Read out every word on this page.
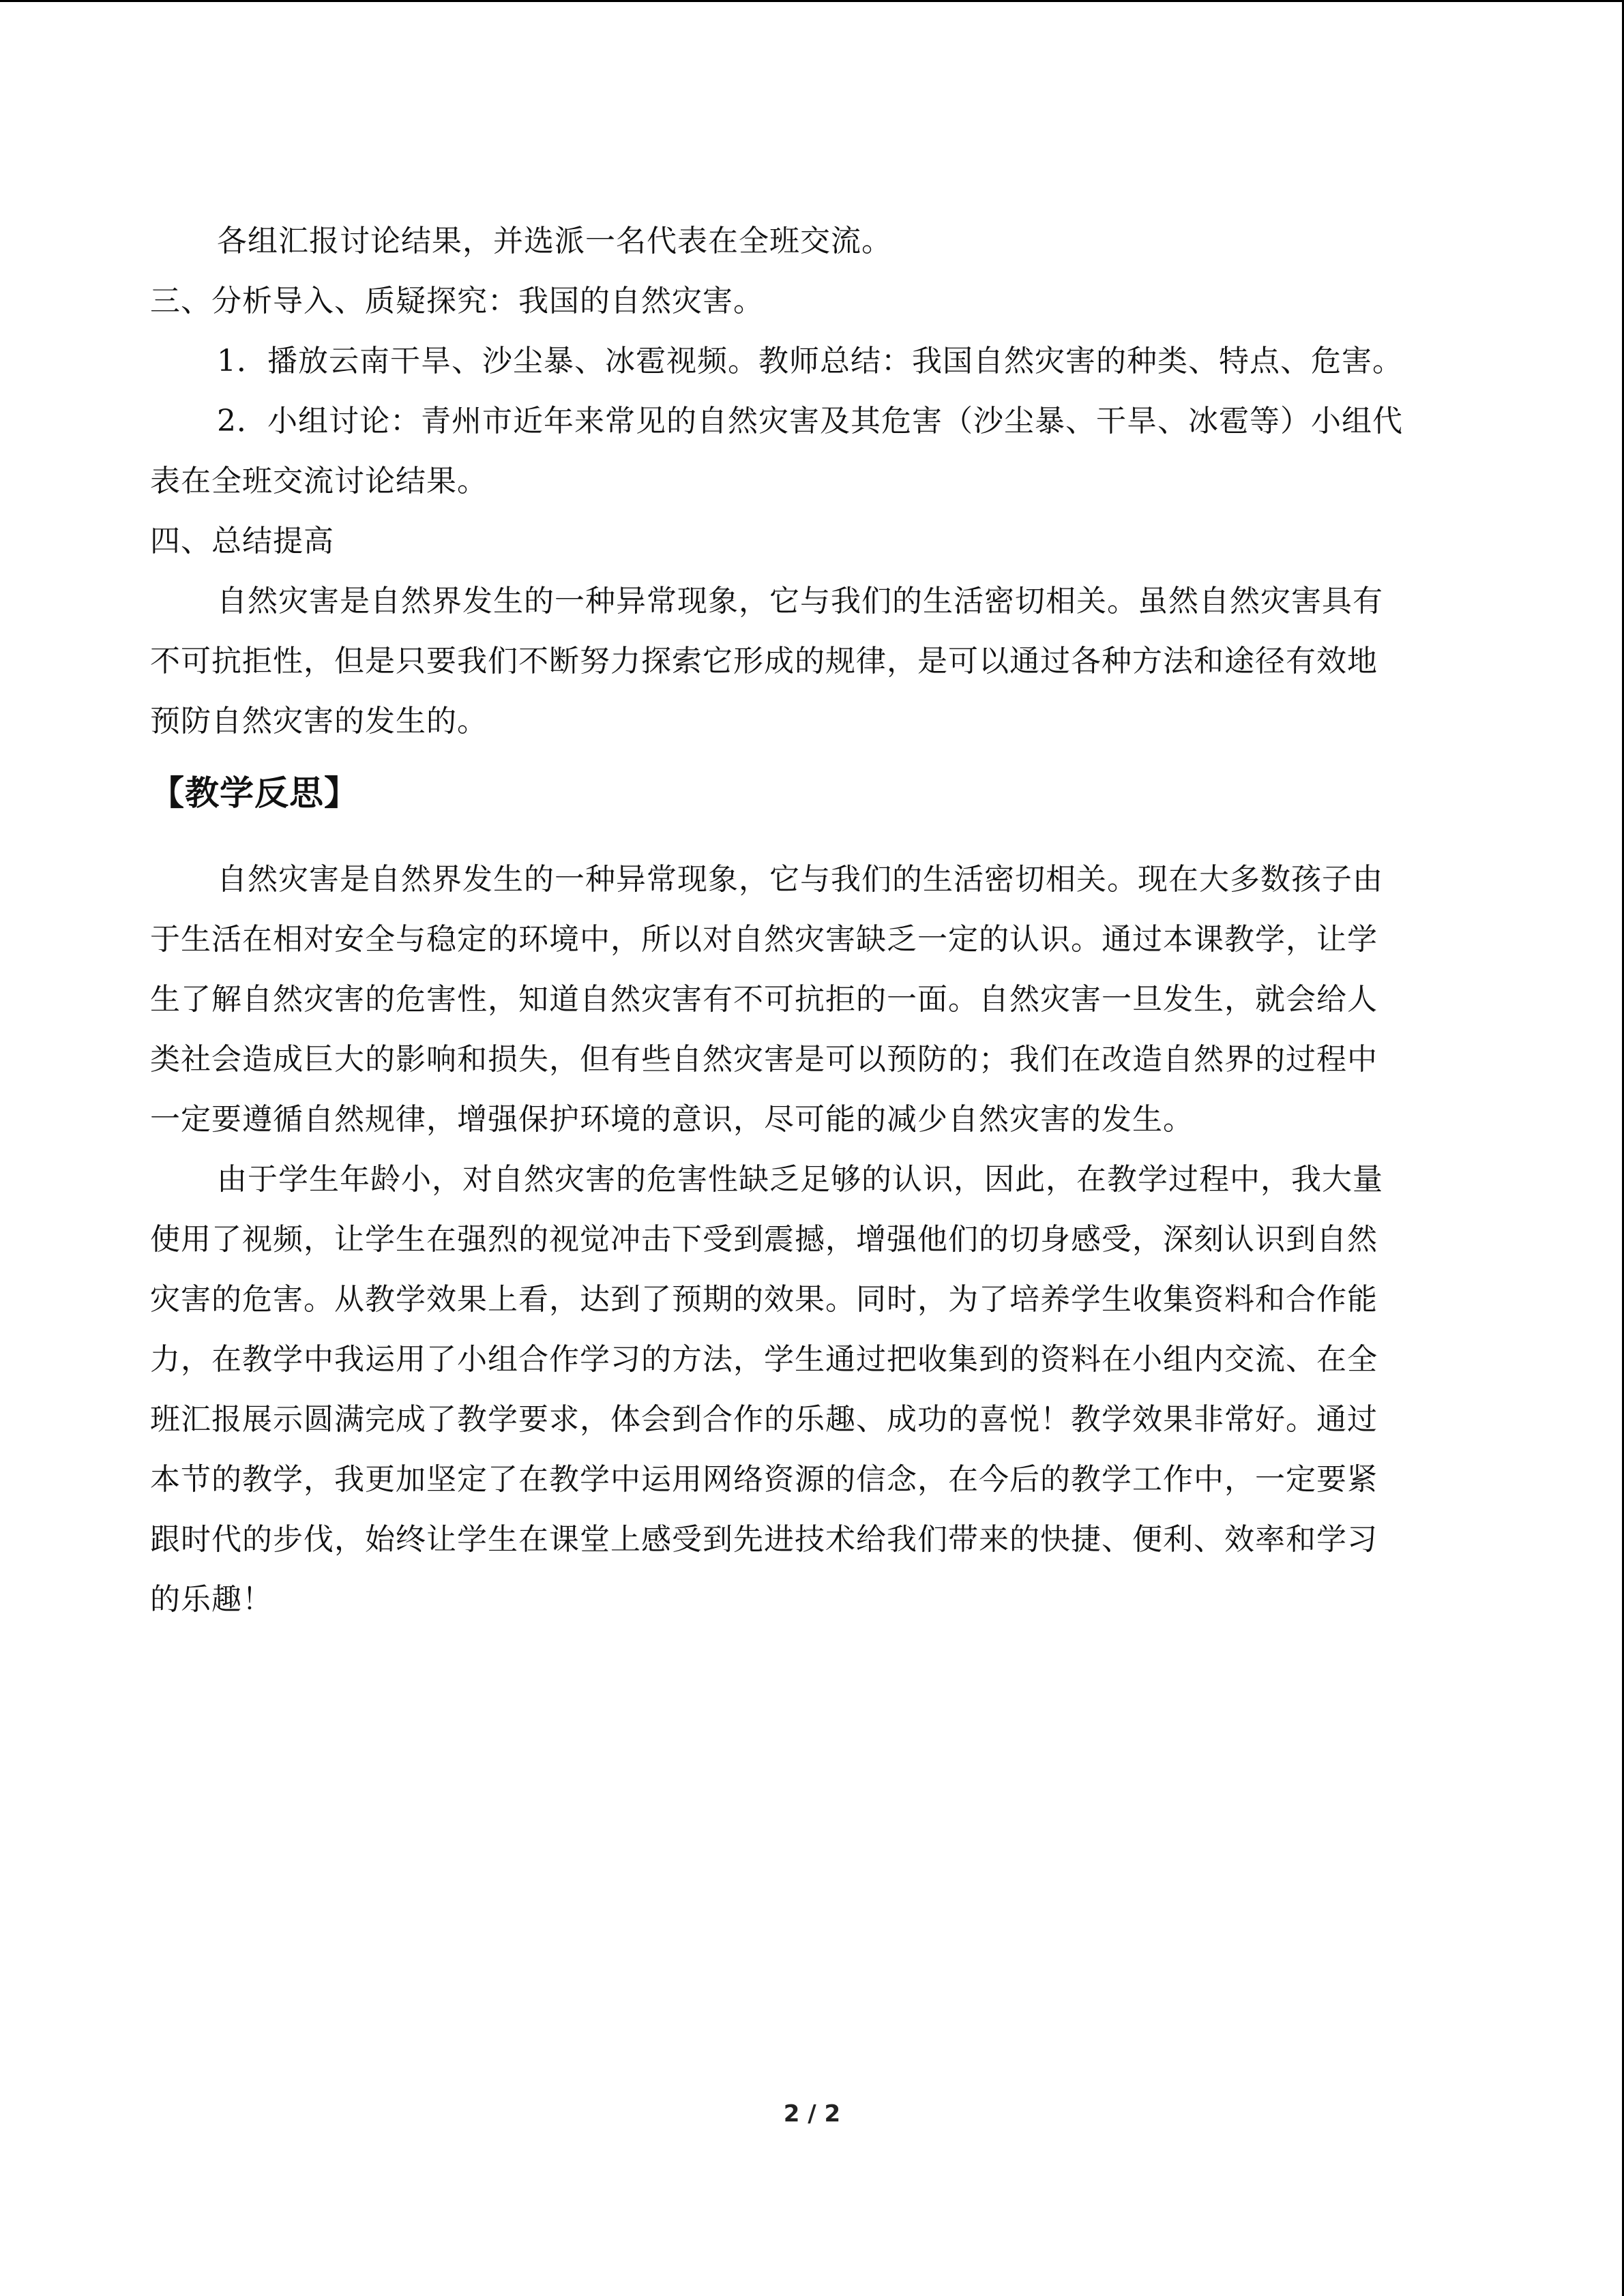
各组汇报讨论结果，并选派一名代表在全班交流。
三、分析导入、质疑探究：我国的自然灾害。
1．播放云南干旱、沙尘暴、冰雹视频。教师总结：我国自然灾害的种类、特点、危害。
2．小组讨论：青州市近年来常见的自然灾害及其危害（沙尘暴、干旱、冰雹等）小组代
表在全班交流讨论结果。
四、总结提高
自然灾害是自然界发生的一种异常现象，它与我们的生活密切相关。虽然自然灾害具有
不可抗拒性，但是只要我们不断努力探索它形成的规律，是可以通过各种方法和途径有效地
预防自然灾害的发生的。
【教学反思】
自然灾害是自然界发生的一种异常现象，它与我们的生活密切相关。现在大多数孩子由
于生活在相对安全与稳定的环境中，所以对自然灾害缺乏一定的认识。通过本课教学，让学
生了解自然灾害的危害性，知道自然灾害有不可抗拒的一面。自然灾害一旦发生，就会给人
类社会造成巨大的影响和损失，但有些自然灾害是可以预防的；我们在改造自然界的过程中
一定要遵循自然规律，增强保护环境的意识，尽可能的减少自然灾害的发生。
由于学生年龄小，对自然灾害的危害性缺乏足够的认识，因此，在教学过程中，我大量
使用了视频，让学生在强烈的视觉冲击下受到震撼，增强他们的切身感受，深刻认识到自然
灾害的危害。从教学效果上看，达到了预期的效果。同时，为了培养学生收集资料和合作能
力，在教学中我运用了小组合作学习的方法，学生通过把收集到的资料在小组内交流、在全
班汇报展示圆满完成了教学要求，体会到合作的乐趣、成功的喜悦！教学效果非常好。通过
本节的教学，我更加坚定了在教学中运用网络资源的信念，在今后的教学工作中，一定要紧
跟时代的步伐，始终让学生在课堂上感受到先进技术给我们带来的快捷、便利、效率和学习
的乐趣！
2 / 2
